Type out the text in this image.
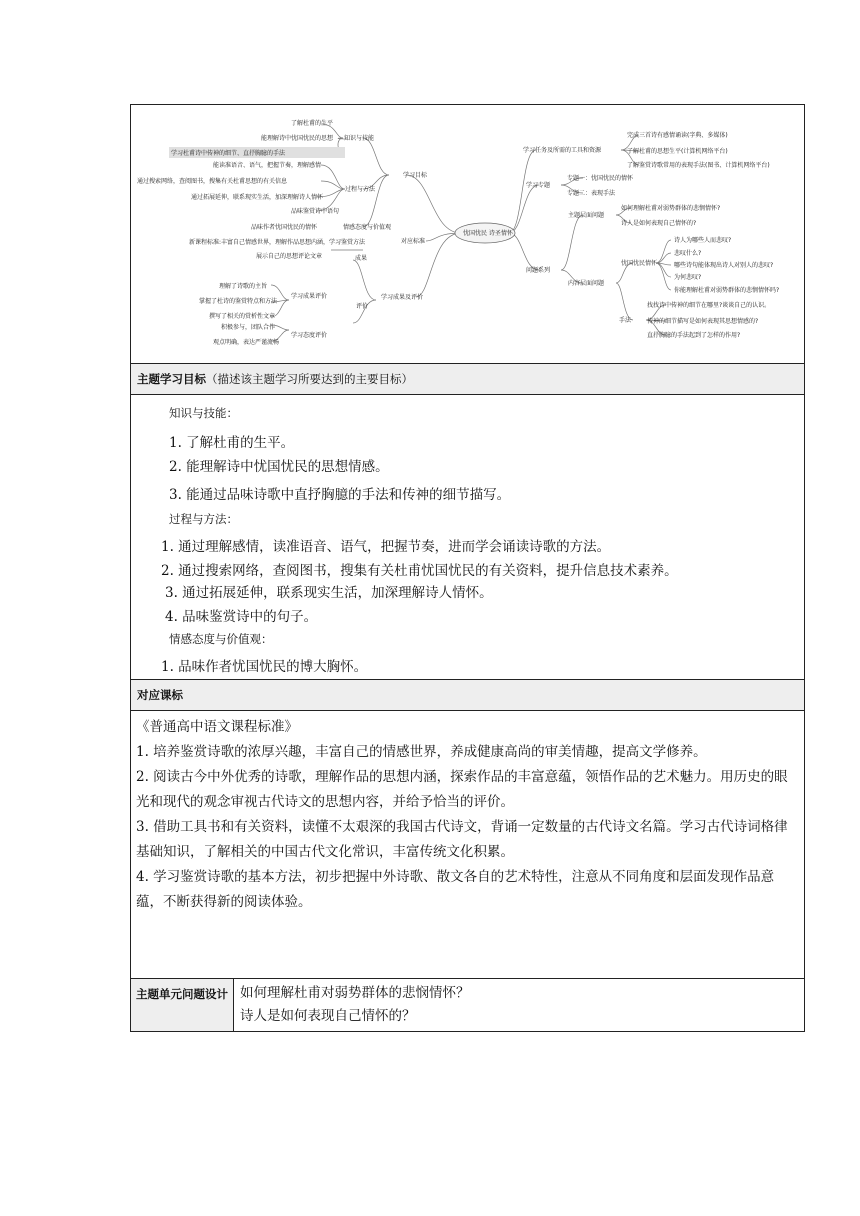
忧国忧民 诗圣情怀
学习目标
对应标准
学习成果及评价
知识与技能
过程与方法
情感态度与价值观
了解杜甫的生平
能理解诗中忧国忧民的思想
学习杜甫诗中传神的细节、直抒胸臆的手法
能读准语音、语气，把握节奏，理解感情
通过搜索网络，查阅图书，搜集有关杜甫思想的有关信息
通过拓展延伸，联系现实生活，加深理解诗人情怀
品味鉴赏诗中语句
品味作者忧国忧民的情怀
新课程标准:丰富自己情感世界，理解作品思想内涵，学习鉴赏方法
成果
展示自己的思想评论文章
评价
学习成果评价
学习态度评价
理解了诗歌的主旨
掌握了杜诗的鉴赏特点和方法
撰写了相关的赏析性文章
积极参与，团队合作
观点明确，表达严谨流畅
学习任务及所需的工具和资源
完成三首诗有感情诵读(字典、多媒体)
了解杜甫的思想生平(计算机网络平台)
了解鉴赏诗歌常用的表现手法(图书、计算机网络平台)
学习专题
专题一：忧国忧民的情怀
专题二：表现手法
问题系列
主题层面问题
如何理解杜甫对弱势群体的悲悯情怀?
诗人是如何表现自己情怀的?
内容层面问题
忧国忧民情怀
诗人为哪些人而悲叹?
悲叹什么?
哪些诗句能体现出诗人对别人的悲叹?
为何悲叹?
你能理解杜甫对弱势群体的悲悯情怀吗?
手法
找找诗中传神的细节在哪里?谈谈自己的认识。
传神的细节描写是如何表现其思想情感的?
直抒胸臆的手法起到了怎样的作用?
主题学习目标（描述该主题学习所要达到的主要目标）
知识与技能：
1. 了解杜甫的生平。
2. 能理解诗中忧国忧民的思想情感。
3. 能通过品味诗歌中直抒胸臆的手法和传神的细节描写。
过程与方法：
1. 通过理解感情，读准语音、语气，把握节奏，进而学会诵读诗歌的方法。
2. 通过搜索网络，查阅图书，搜集有关杜甫忧国忧民的有关资料，提升信息技术素养。
3. 通过拓展延伸，联系现实生活，加深理解诗人情怀。
4. 品味鉴赏诗中的句子。
情感态度与价值观：
1. 品味作者忧国忧民的博大胸怀。
对应课标

《普通高中语文课程标准》

1. 培养鉴赏诗歌的浓厚兴趣，丰富自己的情感世界，养成健康高尚的审美情趣，提高文学修养。

2. 阅读古今中外优秀的诗歌，理解作品的思想内涵，探索作品的丰富意蕴，领悟作品的艺术魅力。用历史的眼光和现代的观念审视古代诗文的思想内容，并给予恰当的评价。

3. 借助工具书和有关资料，读懂不太艰深的我国古代诗文，背诵一定数量的古代诗文名篇。学习古代诗词格律基础知识，了解相关的中国古代文化常识，丰富传统文化积累。

4. 学习鉴赏诗歌的基本方法，初步把握中外诗歌、散文各自的艺术特性，注意从不同角度和层面发现作品意蕴，不断获得新的阅读体验。

主题单元问题设计 如何理解杜甫对弱势群体的悲悯情怀？
诗人是如何表现自己情怀的？
